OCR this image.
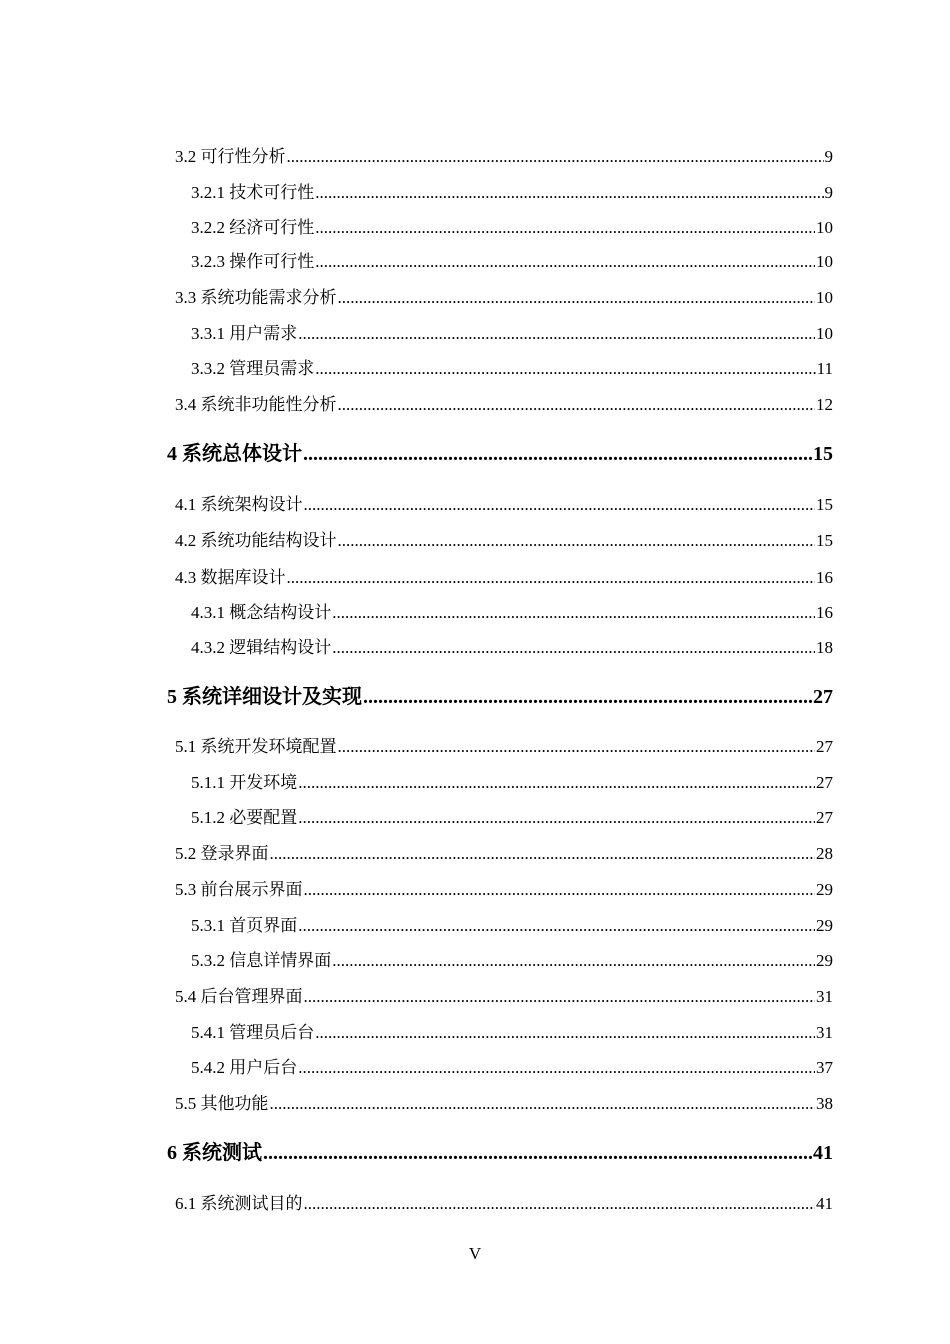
3.2 可行性分析 .....	9
3.2.1 技术可行性 .....	9
3.2.2 经济可行性 .....	10
3.2.3 操作可行性 .....	10
3.3 系统功能需求分析 .....	10
3.3.1 用户需求 .....	10
3.3.2 管理员需求 .....	11
3.4 系统非功能性分析 .....	12
4 系统总体设计 .....	15
4.1 系统架构设计 .....	15
4.2 系统功能结构设计 .....	15
4.3 数据库设计 .....	16
4.3.1 概念结构设计 .....	16
4.3.2 逻辑结构设计 .....	18
5 系统详细设计及实现 .....	27
5.1 系统开发环境配置 .....	27
5.1.1 开发环境 .....	27
5.1.2 必要配置 .....	27
5.2 登录界面 .....	28
5.3 前台展示界面 .....	29
5.3.1 首页界面 .....	29
5.3.2 信息详情界面 .....	29
5.4 后台管理界面 .....	31
5.4.1 管理员后台 .....	31
5.4.2 用户后台 .....	37
5.5 其他功能 .....	38
6 系统测试 .....	41
6.1 系统测试目的 .....	41
V
